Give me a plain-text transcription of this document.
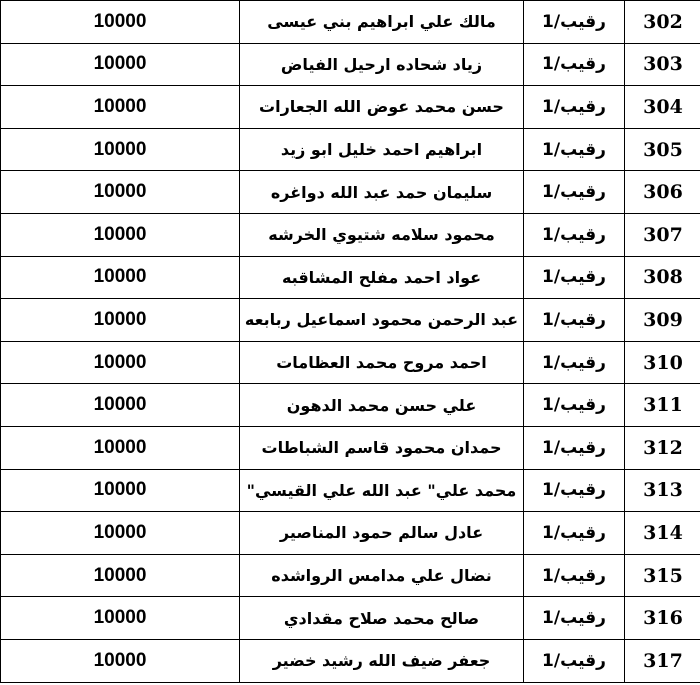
302	رقيب/1	مالك علي ابراهيم بني عيسى	10000
303	رقيب/1	زياد شحاده ارحيل الفياض	10000
304	رقيب/1	حسن محمد عوض الله الجعارات	10000
305	رقيب/1	ابراهيم احمد خليل ابو زيد	10000
306	رقيب/1	سليمان حمد عبد الله دواغره	10000
307	رقيب/1	محمود سلامه شتيوي الخرشه	10000
308	رقيب/1	عواد احمد مفلح المشاقبه	10000
309	رقيب/1	عبد الرحمن محمود اسماعيل ربابعه	10000
310	رقيب/1	احمد مروح محمد العظامات	10000
311	رقيب/1	علي حسن محمد الدهون	10000
312	رقيب/1	حمدان محمود قاسم الشباطات	10000
313	رقيب/1	محمد علي" عبد الله علي القيسي"	10000
314	رقيب/1	عادل سالم حمود المناصير	10000
315	رقيب/1	نضال علي مدامس الرواشده	10000
316	رقيب/1	صالح محمد صلاح مقدادي	10000
317	رقيب/1	جعفر ضيف الله رشيد خضير	10000
